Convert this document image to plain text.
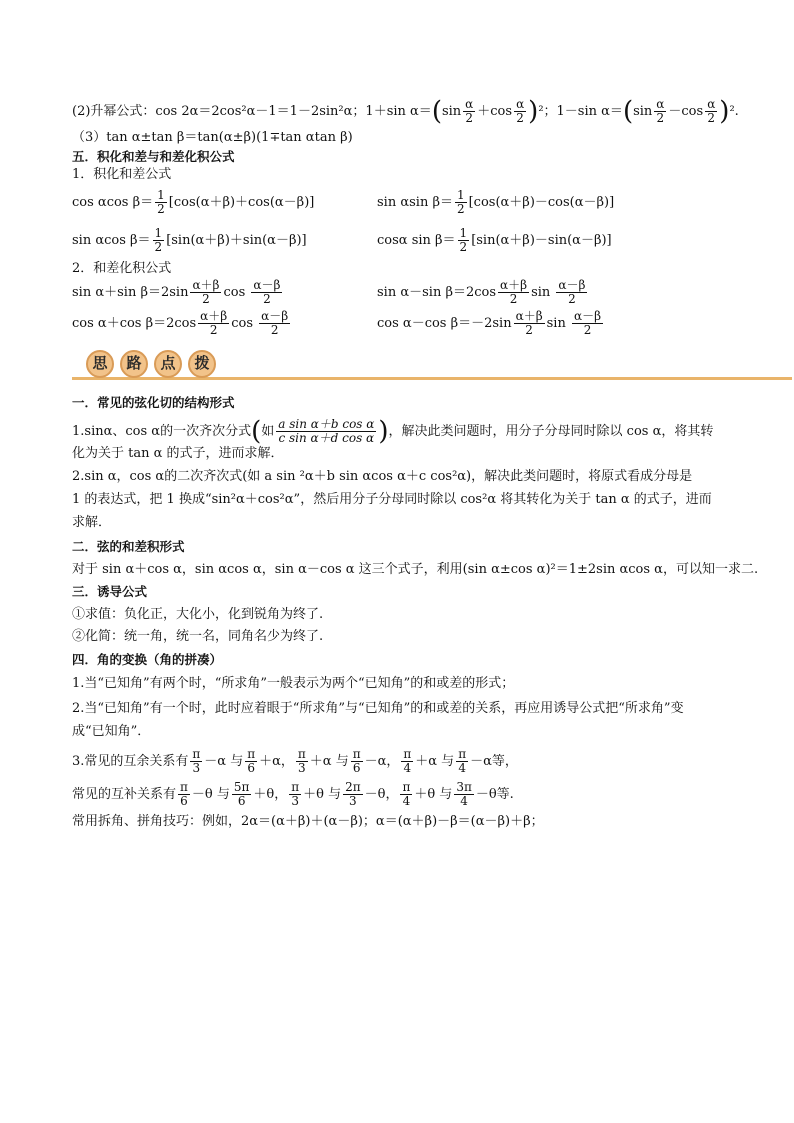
(2)升幂公式：cos 2α＝2cos²α－1＝1－2sin²α；1＋sin $\alpha=(\sin \frac{\alpha}{2} +\cos \frac{\alpha}{2} )^2$；1－sin $\alpha=(\sin \frac{\alpha}{2} -\cos \frac{\alpha}{2} )^2$.
（3）tan α±tan β＝tan(α±β)(1∓tan αtan β)
五．积化和差与和差化积公式
1．积化和差公式
cos αcos $\beta= \frac{1}{2} [\cos(\alpha+\beta)+\cos(\alpha-\beta)]$	sin αsin $\beta= \frac{1}{2} [\cos(\alpha+\beta)-\cos(\alpha-\beta)]$
sin αcos $\beta= \frac{1}{2} [\sin(\alpha+\beta)+\sin(\alpha-\beta)]$	cosα $\sin \beta= \frac{1}{2} [\sin(\alpha+\beta)-\sin(\alpha-\beta)]$
2．和差化积公式
sin α＋sin $\beta=2\sin \frac{\alpha+\beta}{2}$ $\cos \frac{\alpha-\beta}{2}$	sin α－sin $\beta=2\cos \frac{\alpha+\beta}{2}$ $\sin \frac{\alpha-\beta}{2}$
cos α＋cos $\beta=2\cos \frac{\alpha+\beta}{2}$ $\cos \frac{\alpha-\beta}{2}$	cos α－cos $\beta=-2\sin \frac{\alpha+\beta}{2}$ $\sin \frac{\alpha-\beta}{2}$
思	路	点	拨
一．常见的弦化切的结构形式
1.sinα、cos α的一次齐次分式(如 $\frac{\text{a sin α＋b cos α}}{\text{c sin α＋d cos α}}$ )，解决此类问题时，用分子分母同时除以 cos α，将其转
化为关于 tan α 的式子，进而求解．
2.sin α，cos α的二次齐次式(如 a sin ²α＋b sin αcos α＋c cos²α)，解决此类问题时，将原式看成分母是
1 的表达式，把 1 换成“sin²α＋cos²α”，然后用分子分母同时除以 cos²α 将其转化为关于 tan α 的式子，进而
求解．
二．弦的和差积形式
对于 sin α＋cos α，sin αcos α，sin α－cos α 这三个式子，利用(sin α±cos α)²＝1±2sin αcos α，可以知一求二.
三．诱导公式
①求值：负化正，大化小，化到锐角为终了.
②化简：统一角，统一名，同角名少为终了.
四．角的变换（角的拼凑）
1.当“已知角”有两个时，“所求角”一般表示为两个“已知角”的和或差的形式；
2.当“已知角”有一个时，此时应着眼于“所求角”与“已知角”的和或差的关系，再应用诱导公式把“所求角”变
成“已知角”．
3.常见的互余关系有 $\frac{\pi}{3} -\alpha$ 与 $\frac{\pi}{6} +\alpha$， $\frac{\pi}{3} +\alpha$ 与 $\frac{\pi}{6} -\alpha$， $\frac{\pi}{4} +\alpha$ 与 $\frac{\pi}{4} -\alpha$等，
常见的互补关系有 $\frac{\pi}{6} -\theta$ 与 $\frac{5\pi}{6} +\theta$， $\frac{\pi}{3} +\theta$ 与 $\frac{2\pi}{3} -\theta$， $\frac{\pi}{4} +\theta$ 与 $\frac{3\pi}{4} -\theta$等.
常用拆角、拼角技巧：例如，2α＝(α＋β)＋(α－β)；α＝(α＋β)－β＝(α－β)＋β；
